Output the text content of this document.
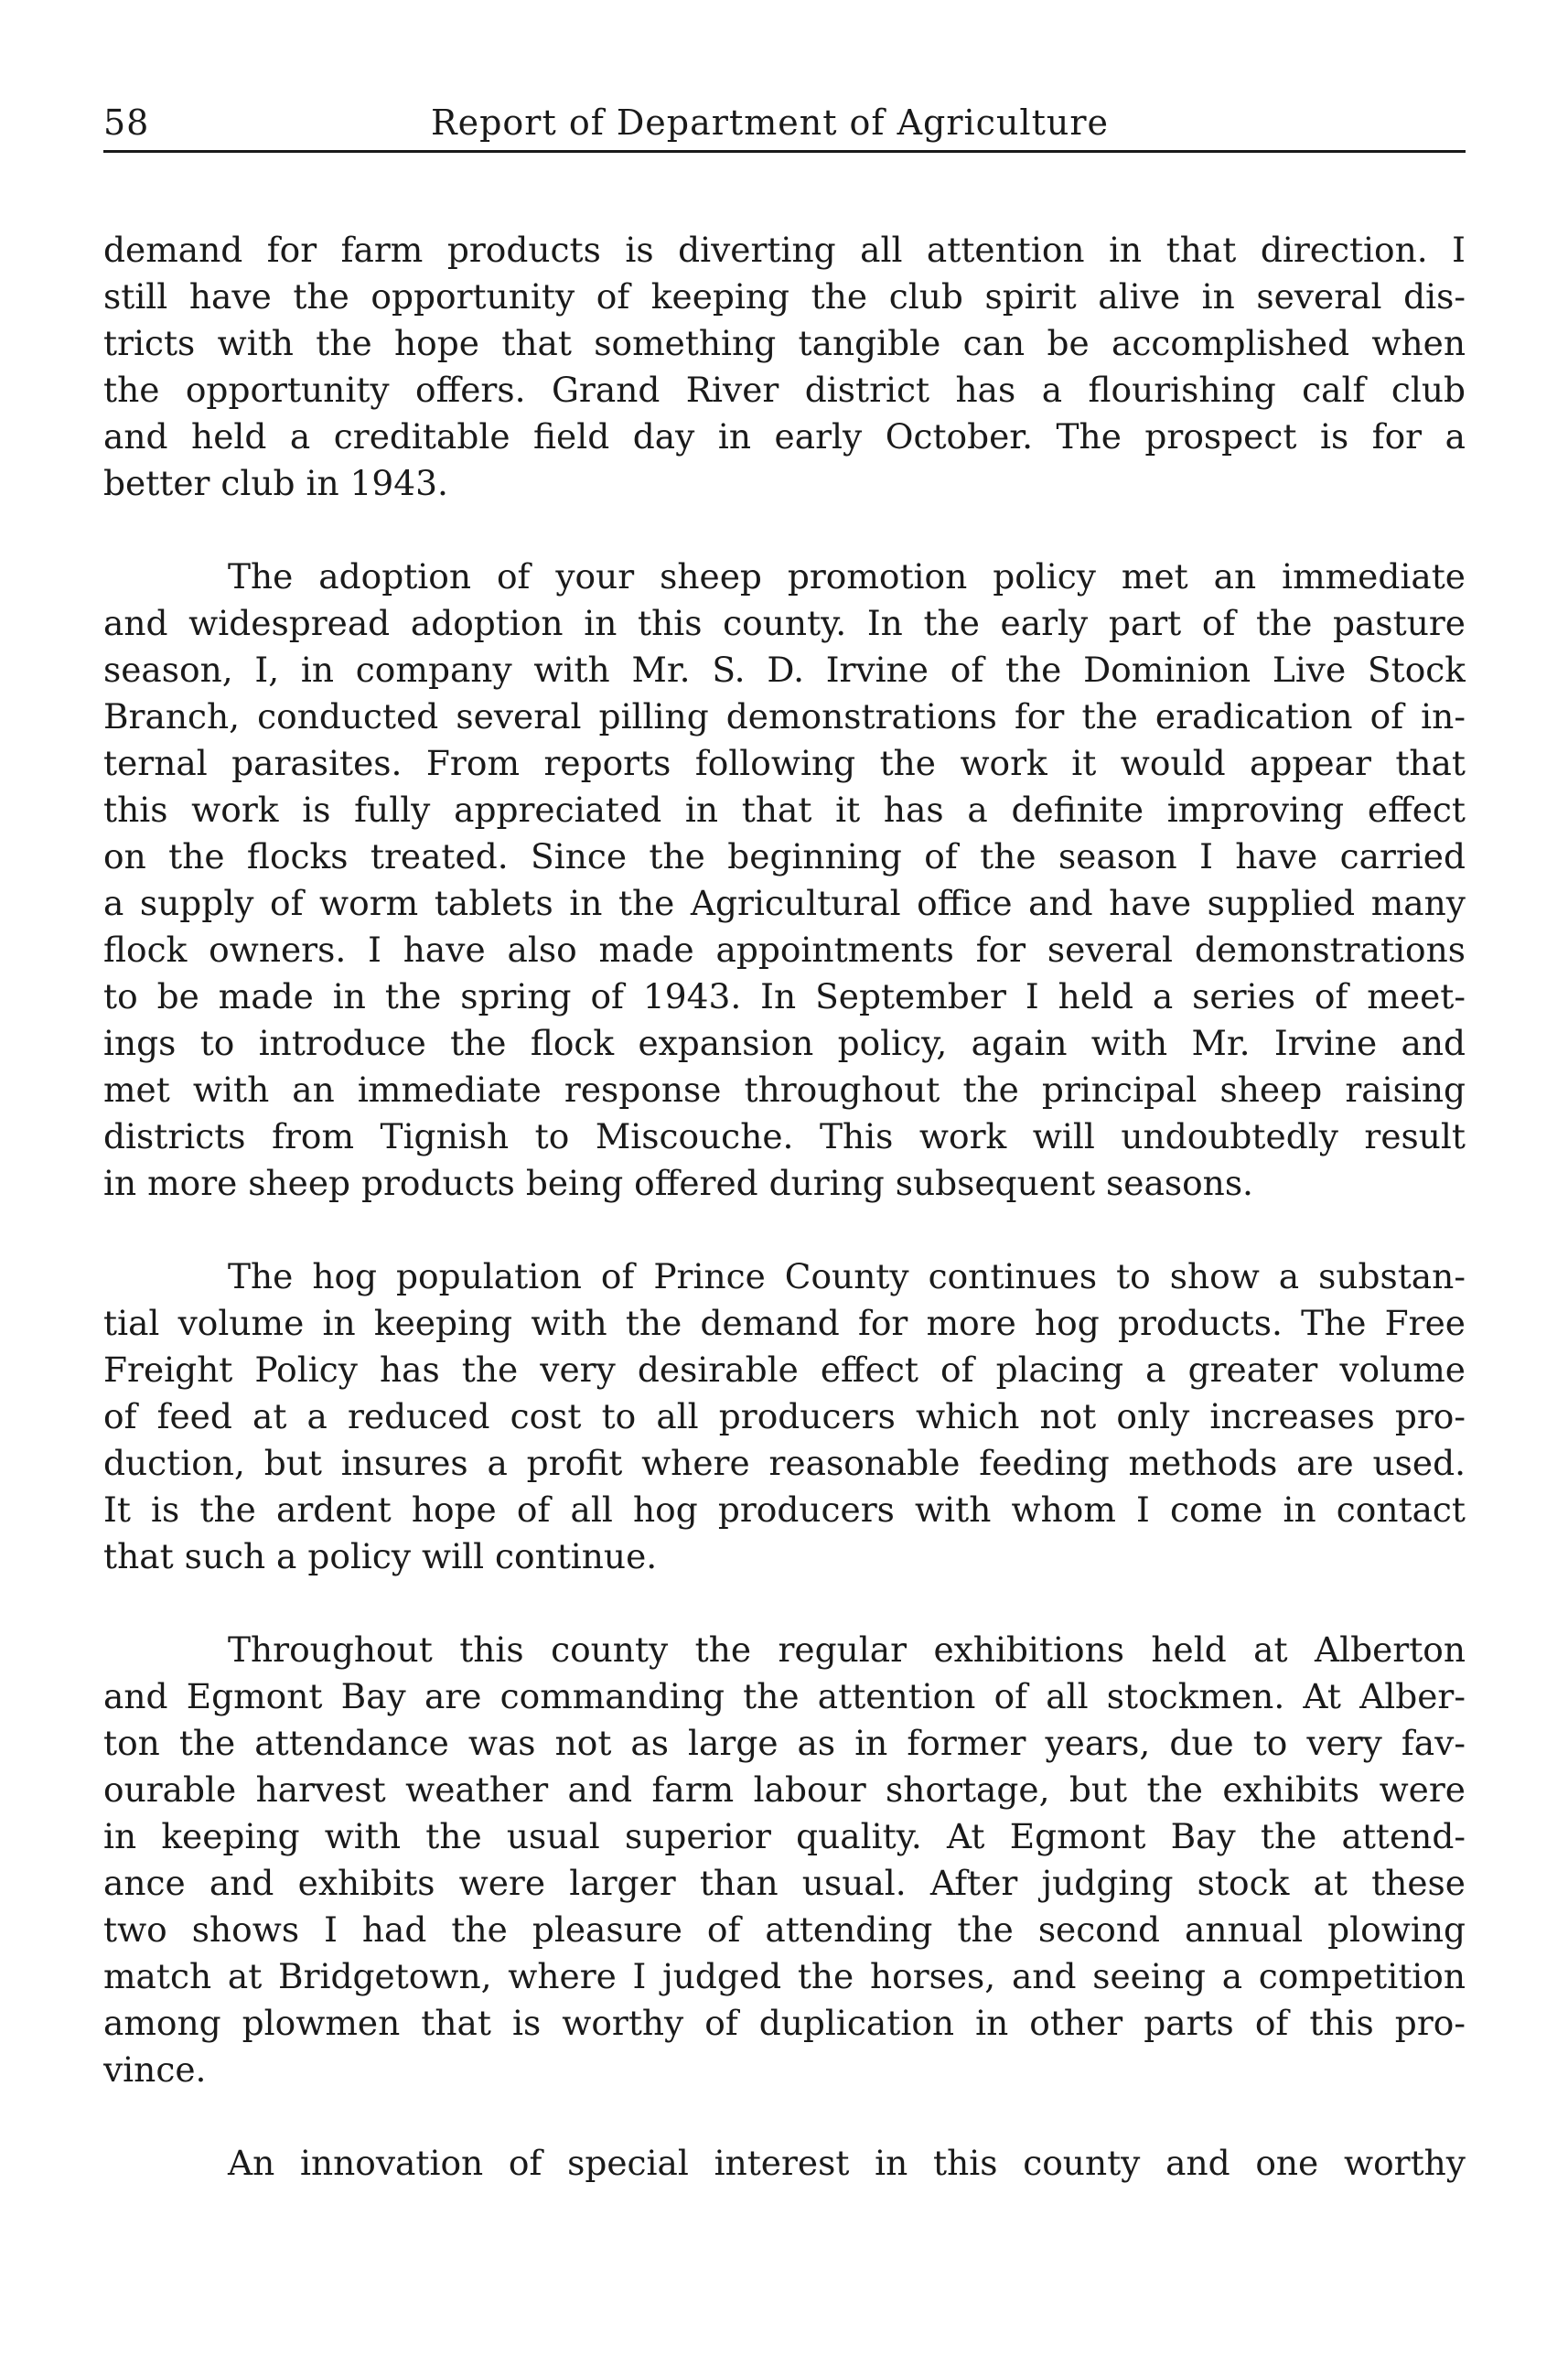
58	Report of Department of Agriculture
demand for farm products is diverting all attention in that direction. I
still have the opportunity of keeping the club spirit alive in several dis-
tricts with the hope that something tangible can be accomplished when
the opportunity offers. Grand River district has a flourishing calf club
and held a creditable field day in early October. The prospect is for a
better club in 1943.
The adoption of your sheep promotion policy met an immediate
and widespread adoption in this county. In the early part of the pasture
season, I, in company with Mr. S. D. Irvine of the Dominion Live Stock
Branch, conducted several pilling demonstrations for the eradication of in-
ternal parasites. From reports following the work it would appear that
this work is fully appreciated in that it has a definite improving effect
on the flocks treated. Since the beginning of the season I have carried
a supply of worm tablets in the Agricultural office and have supplied many
flock owners. I have also made appointments for several demonstrations
to be made in the spring of 1943. In September I held a series of meet-
ings to introduce the flock expansion policy, again with Mr. Irvine and
met with an immediate response throughout the principal sheep raising
districts from Tignish to Miscouche. This work will undoubtedly result
in more sheep products being offered during subsequent seasons.
The hog population of Prince County continues to show a substan-
tial volume in keeping with the demand for more hog products. The Free
Freight Policy has the very desirable effect of placing a greater volume
of feed at a reduced cost to all producers which not only increases pro-
duction, but insures a profit where reasonable feeding methods are used.
It is the ardent hope of all hog producers with whom I come in contact
that such a policy will continue.
Throughout this county the regular exhibitions held at Alberton
and Egmont Bay are commanding the attention of all stockmen. At Alber-
ton the attendance was not as large as in former years, due to very fav-
ourable harvest weather and farm labour shortage, but the exhibits were
in keeping with the usual superior quality. At Egmont Bay the attend-
ance and exhibits were larger than usual. After judging stock at these
two shows I had the pleasure of attending the second annual plowing
match at Bridgetown, where I judged the horses, and seeing a competition
among plowmen that is worthy of duplication in other parts of this pro-
vince.
An innovation of special interest in this county and one worthy
